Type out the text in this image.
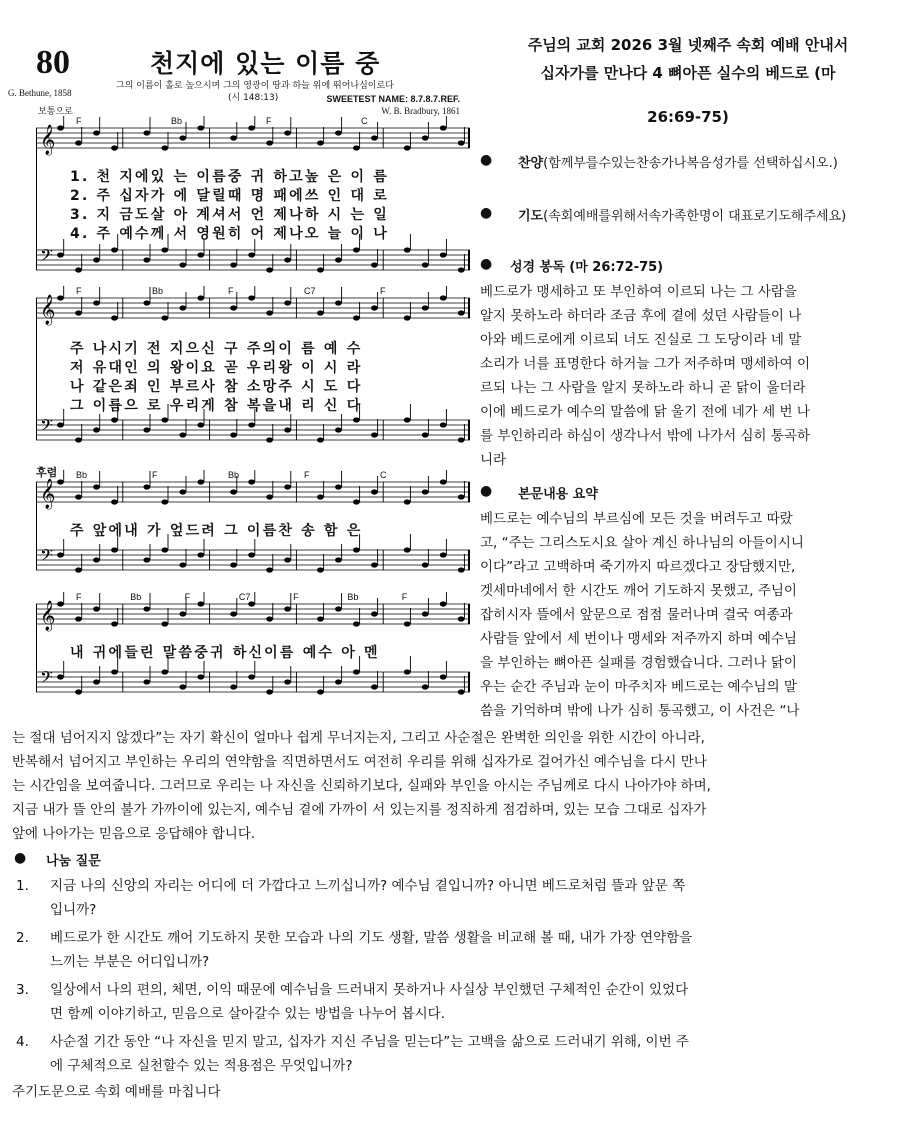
80	천지에 있는 이름 중
그의 이름이 홀로 높으시며 그의 영광이 땅과 하늘 위에 뛰어나심이로다
(시 148:13)
G. Bethune, 1858
SWEETEST NAME: 8.7.8.7.REF.
W. B. Bradbury, 1861
보통으로
후렴
𝄞
𝄢
F	Bb	F	C
1. 천 지에있 는 이름중 귀 하고높 은 이 름
2. 주 십자가 에 달릴때 명 패에쓰 인 대 로
3. 지 금도살 아 계셔서 언 제나하 시 는 일
4. 주 예수께 서 영원히 어 제나오 늘 이 나
𝄞
𝄢
F	Bb	F	C7	F
주 나시기 전 지으신 구 주의이 름 예 수
저 유대인 의 왕이요 곧 우리왕 이 시 라
나 같은죄 인 부르사 참 소망주 시 도 다
그 이름으 로 우리게 참 복을내 리 신 다
𝄞
𝄢
Bb	F	Bb	F	C
주 앞에내 가 엎드려 그 이름찬 송 함 은
𝄞
𝄢
F	Bb	F	C7	F	Bb	F
내 귀에들린 말씀중귀 하신이름 예수 아 멘
주님의 교회 2026 3월 넷째주 속회 예배 안내서
십자가를 만나다 4 뼈아픈 실수의 베드로 (마
26:69-75)
● 찬양(함께부를수있는찬송가나복음성가를 선택하십시오.)
● 기도(속회예배를위해서속가족한명이 대표로기도해주세요)
● 성경 봉독 (마 26:72-75)
베드로가 맹세하고 또 부인하여 이르되 나는 그 사람을
알지 못하노라 하더라 조금 후에 곁에 섰던 사람들이 나
아와 베드로에게 이르되 너도 진실로 그 도당이라 네 말
소리가 너를 표명한다 하거늘 그가 저주하며 맹세하여 이
르되 나는 그 사람을 알지 못하노라 하니 곧 닭이 울더라
이에 베드로가 예수의 말씀에 닭 울기 전에 네가 세 번 나
를 부인하리라 하심이 생각나서 밖에 나가서 심히 통곡하
니라
● 본문내용 요약
베드로는 예수님의 부르심에 모든 것을 버려두고 따랐
고, “주는 그리스도시요 살아 계신 하나님의 아들이시니
이다”라고 고백하며 죽기까지 따르겠다고 장담했지만,
겟세마네에서 한 시간도 깨어 기도하지 못했고, 주님이
잡히시자 뜰에서 앞문으로 점점 물러나며 결국 여종과
사람들 앞에서 세 번이나 맹세와 저주까지 하며 예수님
을 부인하는 뼈아픈 실패를 경험했습니다. 그러나 닭이
우는 순간 주님과 눈이 마주치자 베드로는 예수님의 말
씀을 기억하며 밖에 나가 심히 통곡했고, 이 사건은 “나
는 절대 넘어지지 않겠다”는 자기 확신이 얼마나 쉽게 무너지는지, 그리고 사순절은 완벽한 의인을 위한 시간이 아니라,
반복해서 넘어지고 부인하는 우리의 연약함을 직면하면서도 여전히 우리를 위해 십자가로 걸어가신 예수님을 다시 만나
는 시간임을 보여줍니다. 그러므로 우리는 나 자신을 신뢰하기보다, 실패와 부인을 아시는 주님께로 다시 나아가야 하며,
지금 내가 뜰 안의 불가 가까이에 있는지, 예수님 곁에 가까이 서 있는지를 정직하게 점검하며, 있는 모습 그대로 십자가
앞에 나아가는 믿음으로 응답해야 합니다.
● 나눔 질문
1. 지금 나의 신앙의 자리는 어디에 더 가깝다고 느끼십니까? 예수님 곁입니까? 아니면 베드로처럼 뜰과 앞문 쪽
입니까?
2. 베드로가 한 시간도 깨어 기도하지 못한 모습과 나의 기도 생활, 말씀 생활을 비교해 볼 때, 내가 가장 연약함을
느끼는 부분은 어디입니까?
3. 일상에서 나의 편의, 체면, 이익 때문에 예수님을 드러내지 못하거나 사실상 부인했던 구체적인 순간이 있었다
면 함께 이야기하고, 믿음으로 살아갈수 있는 방법을 나누어 봅시다.
4. 사순절 기간 동안 “나 자신을 믿지 말고, 십자가 지신 주님을 믿는다”는 고백을 삶으로 드러내기 위해, 이번 주
에 구체적으로 실천할수 있는 적용점은 무엇입니까?
주기도문으로 속회 예배를 마칩니다
